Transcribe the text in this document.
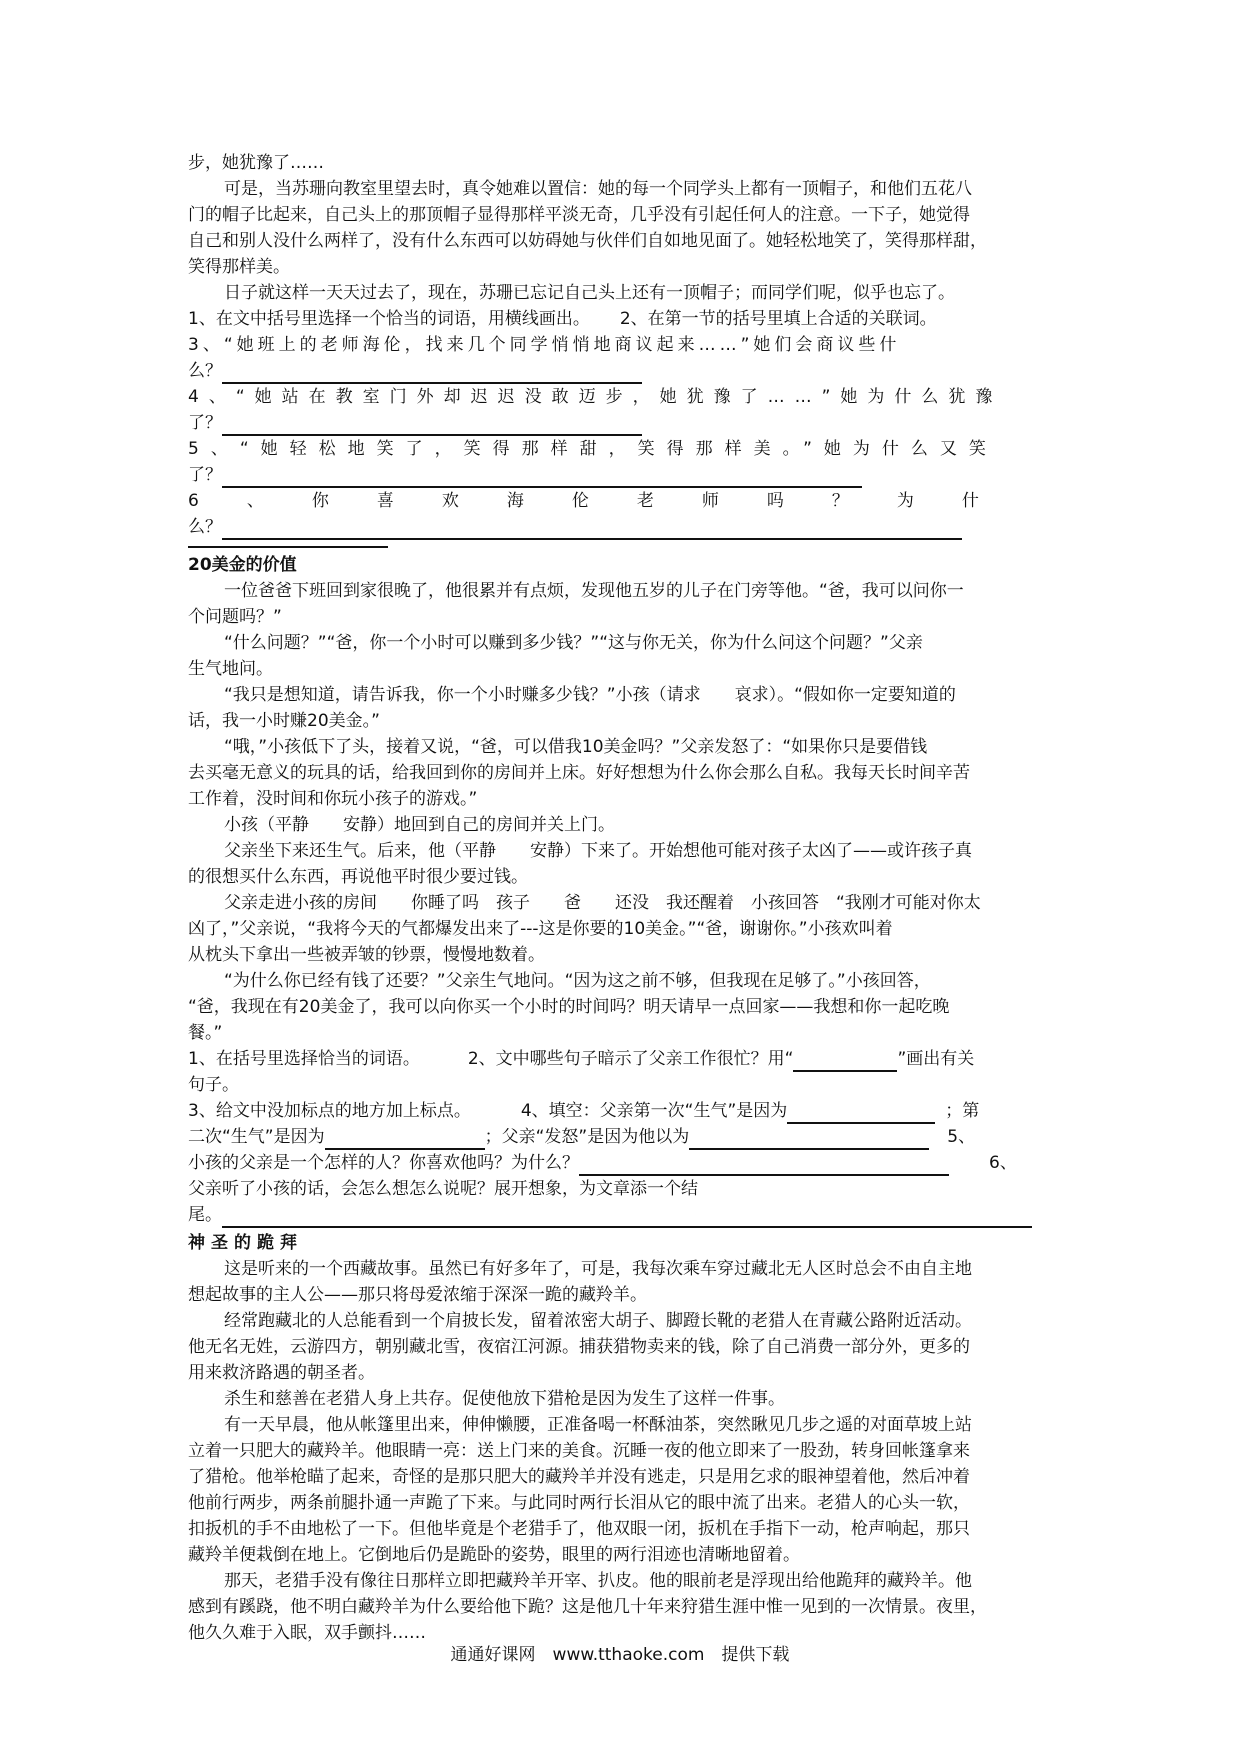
步，她犹豫了……
可是，当苏珊向教室里望去时，真令她难以置信：她的每一个同学头上都有一顶帽子，和他们五花八
门的帽子比起来，自己头上的那顶帽子显得那样平淡无奇，几乎没有引起任何人的注意。一下子，她觉得
自己和别人没什么两样了，没有什么东西可以妨碍她与伙伴们自如地见面了。她轻松地笑了，笑得那样甜，
笑得那样美。
日子就这样一天天过去了，现在，苏珊已忘记自己头上还有一顶帽子；而同学们呢，似乎也忘了。
1、在文中括号里选择一个恰当的词语，用横线画出。 2、在第一节的括号里填上合适的关联词。
3、“她班上的老师海伦，找来几个同学悄悄地商议起来……”她们会商议些什
么？
4、“她站在教室门外却迟迟没敢迈步，她犹豫了……”她为什么犹豫
了？
5、“她轻松地笑了，笑得那样甜，笑得那样美。”她为什么又笑
了？
6、你喜欢海伦老师吗？为什
么？
20美金的价值
一位爸爸下班回到家很晚了，他很累并有点烦，发现他五岁的儿子在门旁等他。“爸，我可以问你一
个问题吗？”
“什么问题？”“爸，你一个小时可以赚到多少钱？”“这与你无关，你为什么问这个问题？”父亲
生气地问。
“我只是想知道，请告诉我，你一个小时赚多少钱？”小孩（请求　　哀求）。“假如你一定要知道的
话，我一小时赚20美金。”
“哦，”小孩低下了头，接着又说，“爸，可以借我10美金吗？”父亲发怒了：“如果你只是要借钱
去买毫无意义的玩具的话，给我回到你的房间并上床。好好想想为什么你会那么自私。我每天长时间辛苦
工作着，没时间和你玩小孩子的游戏。”
小孩（平静　　安静）地回到自己的房间并关上门。
父亲坐下来还生气。后来，他（平静　　安静）下来了。开始想他可能对孩子太凶了——或许孩子真
的很想买什么东西，再说他平时很少要过钱。
父亲走进小孩的房间　　你睡了吗　孩子　　爸　　还没　我还醒着　小孩回答　“我刚才可能对你太
凶了，”父亲说，“我将今天的气都爆发出来了---这是你要的10美金。”“爸，谢谢你。”小孩欢叫着
从枕头下拿出一些被弄皱的钞票，慢慢地数着。
“为什么你已经有钱了还要？”父亲生气地问。“因为这之前不够，但我现在足够了。”小孩回答，
“爸，我现在有20美金了，我可以向你买一个小时的时间吗？明天请早一点回家——我想和你一起吃晚
餐。”
1、在括号里选择恰当的词语。	2、文中哪些句子暗示了父亲工作很忙？用“	”画出有关
句子。
3、给文中没加标点的地方加上标点。	4、填空：父亲第一次“生气”是因为	；第
二次“生气”是因为	；父亲“发怒”是因为他以为	5、
小孩的父亲是一个怎样的人？你喜欢他吗？为什么？	6、
父亲听了小孩的话，会怎么想怎么说呢？展开想象，为文章添一个结
尾。
神圣的跪拜
这是听来的一个西藏故事。虽然已有好多年了，可是，我每次乘车穿过藏北无人区时总会不由自主地
想起故事的主人公——那只将母爱浓缩于深深一跪的藏羚羊。
经常跑藏北的人总能看到一个肩披长发，留着浓密大胡子、脚蹬长靴的老猎人在青藏公路附近活动。
他无名无姓，云游四方，朝别藏北雪，夜宿江河源。捕获猎物卖来的钱，除了自己消费一部分外，更多的
用来救济路遇的朝圣者。
杀生和慈善在老猎人身上共存。促使他放下猎枪是因为发生了这样一件事。
有一天早晨，他从帐篷里出来，伸伸懒腰，正准备喝一杯酥油茶，突然瞅见几步之遥的对面草坡上站
立着一只肥大的藏羚羊。他眼睛一亮：送上门来的美食。沉睡一夜的他立即来了一股劲，转身回帐篷拿来
了猎枪。他举枪瞄了起来，奇怪的是那只肥大的藏羚羊并没有逃走，只是用乞求的眼神望着他，然后冲着
他前行两步，两条前腿扑通一声跪了下来。与此同时两行长泪从它的眼中流了出来。老猎人的心头一软，
扣扳机的手不由地松了一下。但他毕竟是个老猎手了，他双眼一闭，扳机在手指下一动，枪声响起，那只
藏羚羊便栽倒在地上。它倒地后仍是跪卧的姿势，眼里的两行泪迹也清晰地留着。
那天，老猎手没有像往日那样立即把藏羚羊开宰、扒皮。他的眼前老是浮现出给他跪拜的藏羚羊。他
感到有蹊跷，他不明白藏羚羊为什么要给他下跪？这是他几十年来狩猎生涯中惟一见到的一次情景。夜里，
他久久难于入眠，双手颤抖……
通通好课网　www.tthaoke.com　提供下载
